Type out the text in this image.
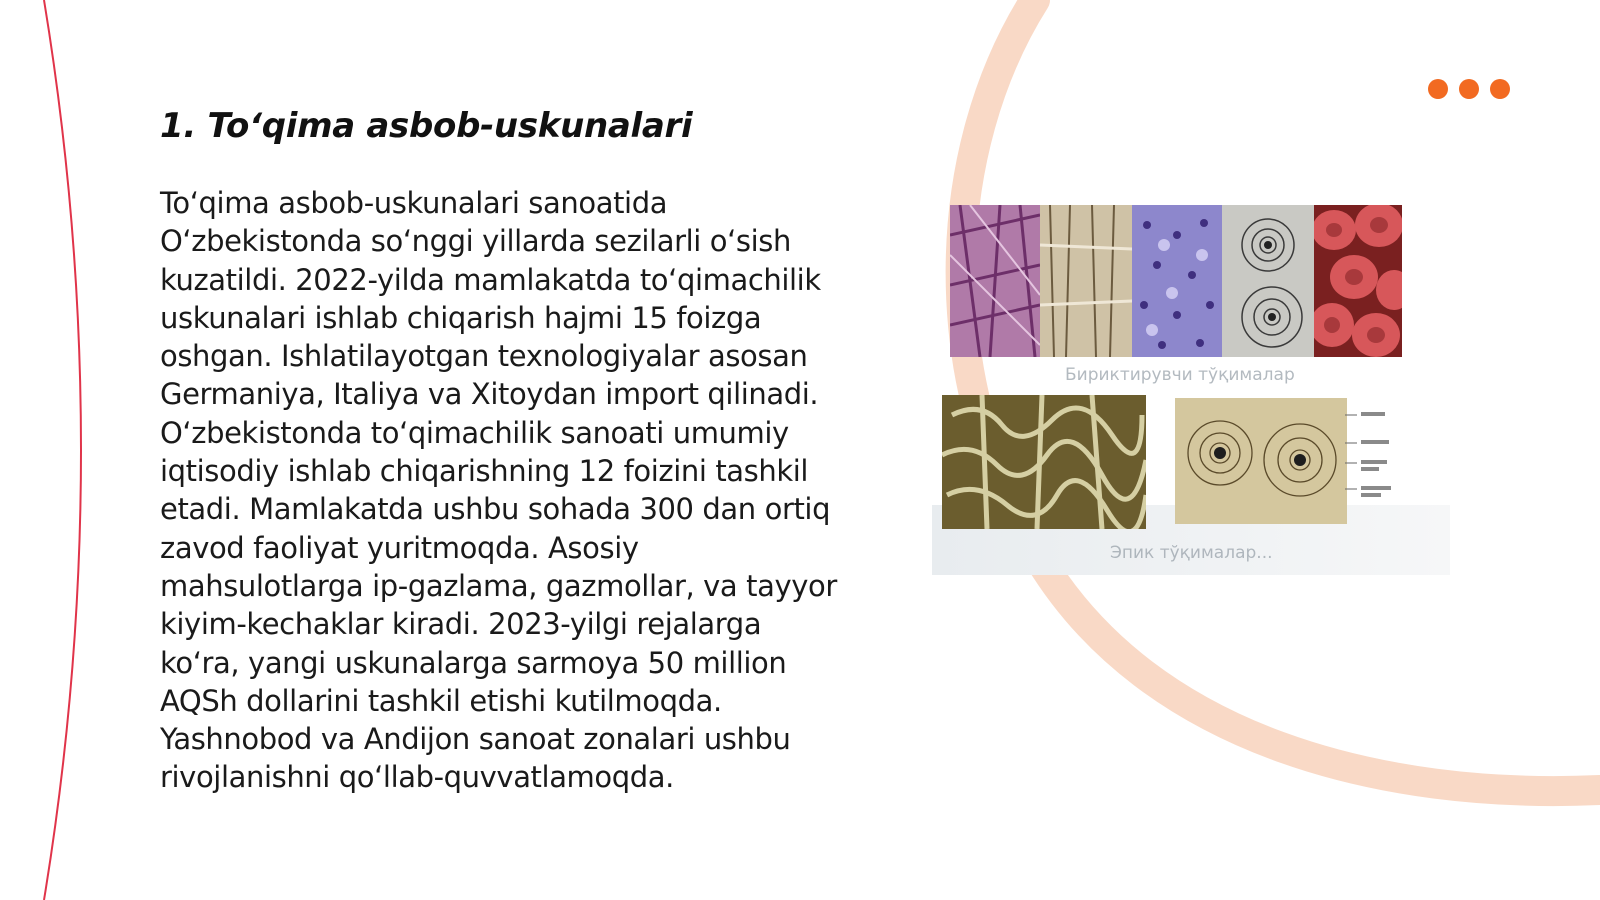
1. To‘qima asbob-uskunalari

To‘qima asbob-uskunalari sanoatida O‘zbekistonda so‘nggi yillarda sezilarli o‘sish kuzatildi. 2022-yilda mamlakatda to‘qimachilik uskunalari ishlab chiqarish hajmi 15 foizga oshgan. Ishlatilayotgan texnologiyalar asosan Germaniya, Italiya va Xitoydan import qilinadi. O‘zbekistonda to‘qimachilik sanoati umumiy iqtisodiy ishlab chiqarishning 12 foizini tashkil etadi. Mamlakatda ushbu sohada 300 dan ortiq zavod faoliyat yuritmoqda. Asosiy mahsulotlarga ip-gazlama, gazmollar, va tayyor kiyim-kechaklar kiradi. 2023-yilgi rejalarga ko‘ra, yangi uskunalarga sarmoya 50 million AQSh dollarini tashkil etishi kutilmoqda. Yashnobod va Andijon sanoat zonalari ushbu rivojlanishni qo‘llab-quvvatlamoqda.

Бириктирувчи тўқималар
Эпик тўқималар...
